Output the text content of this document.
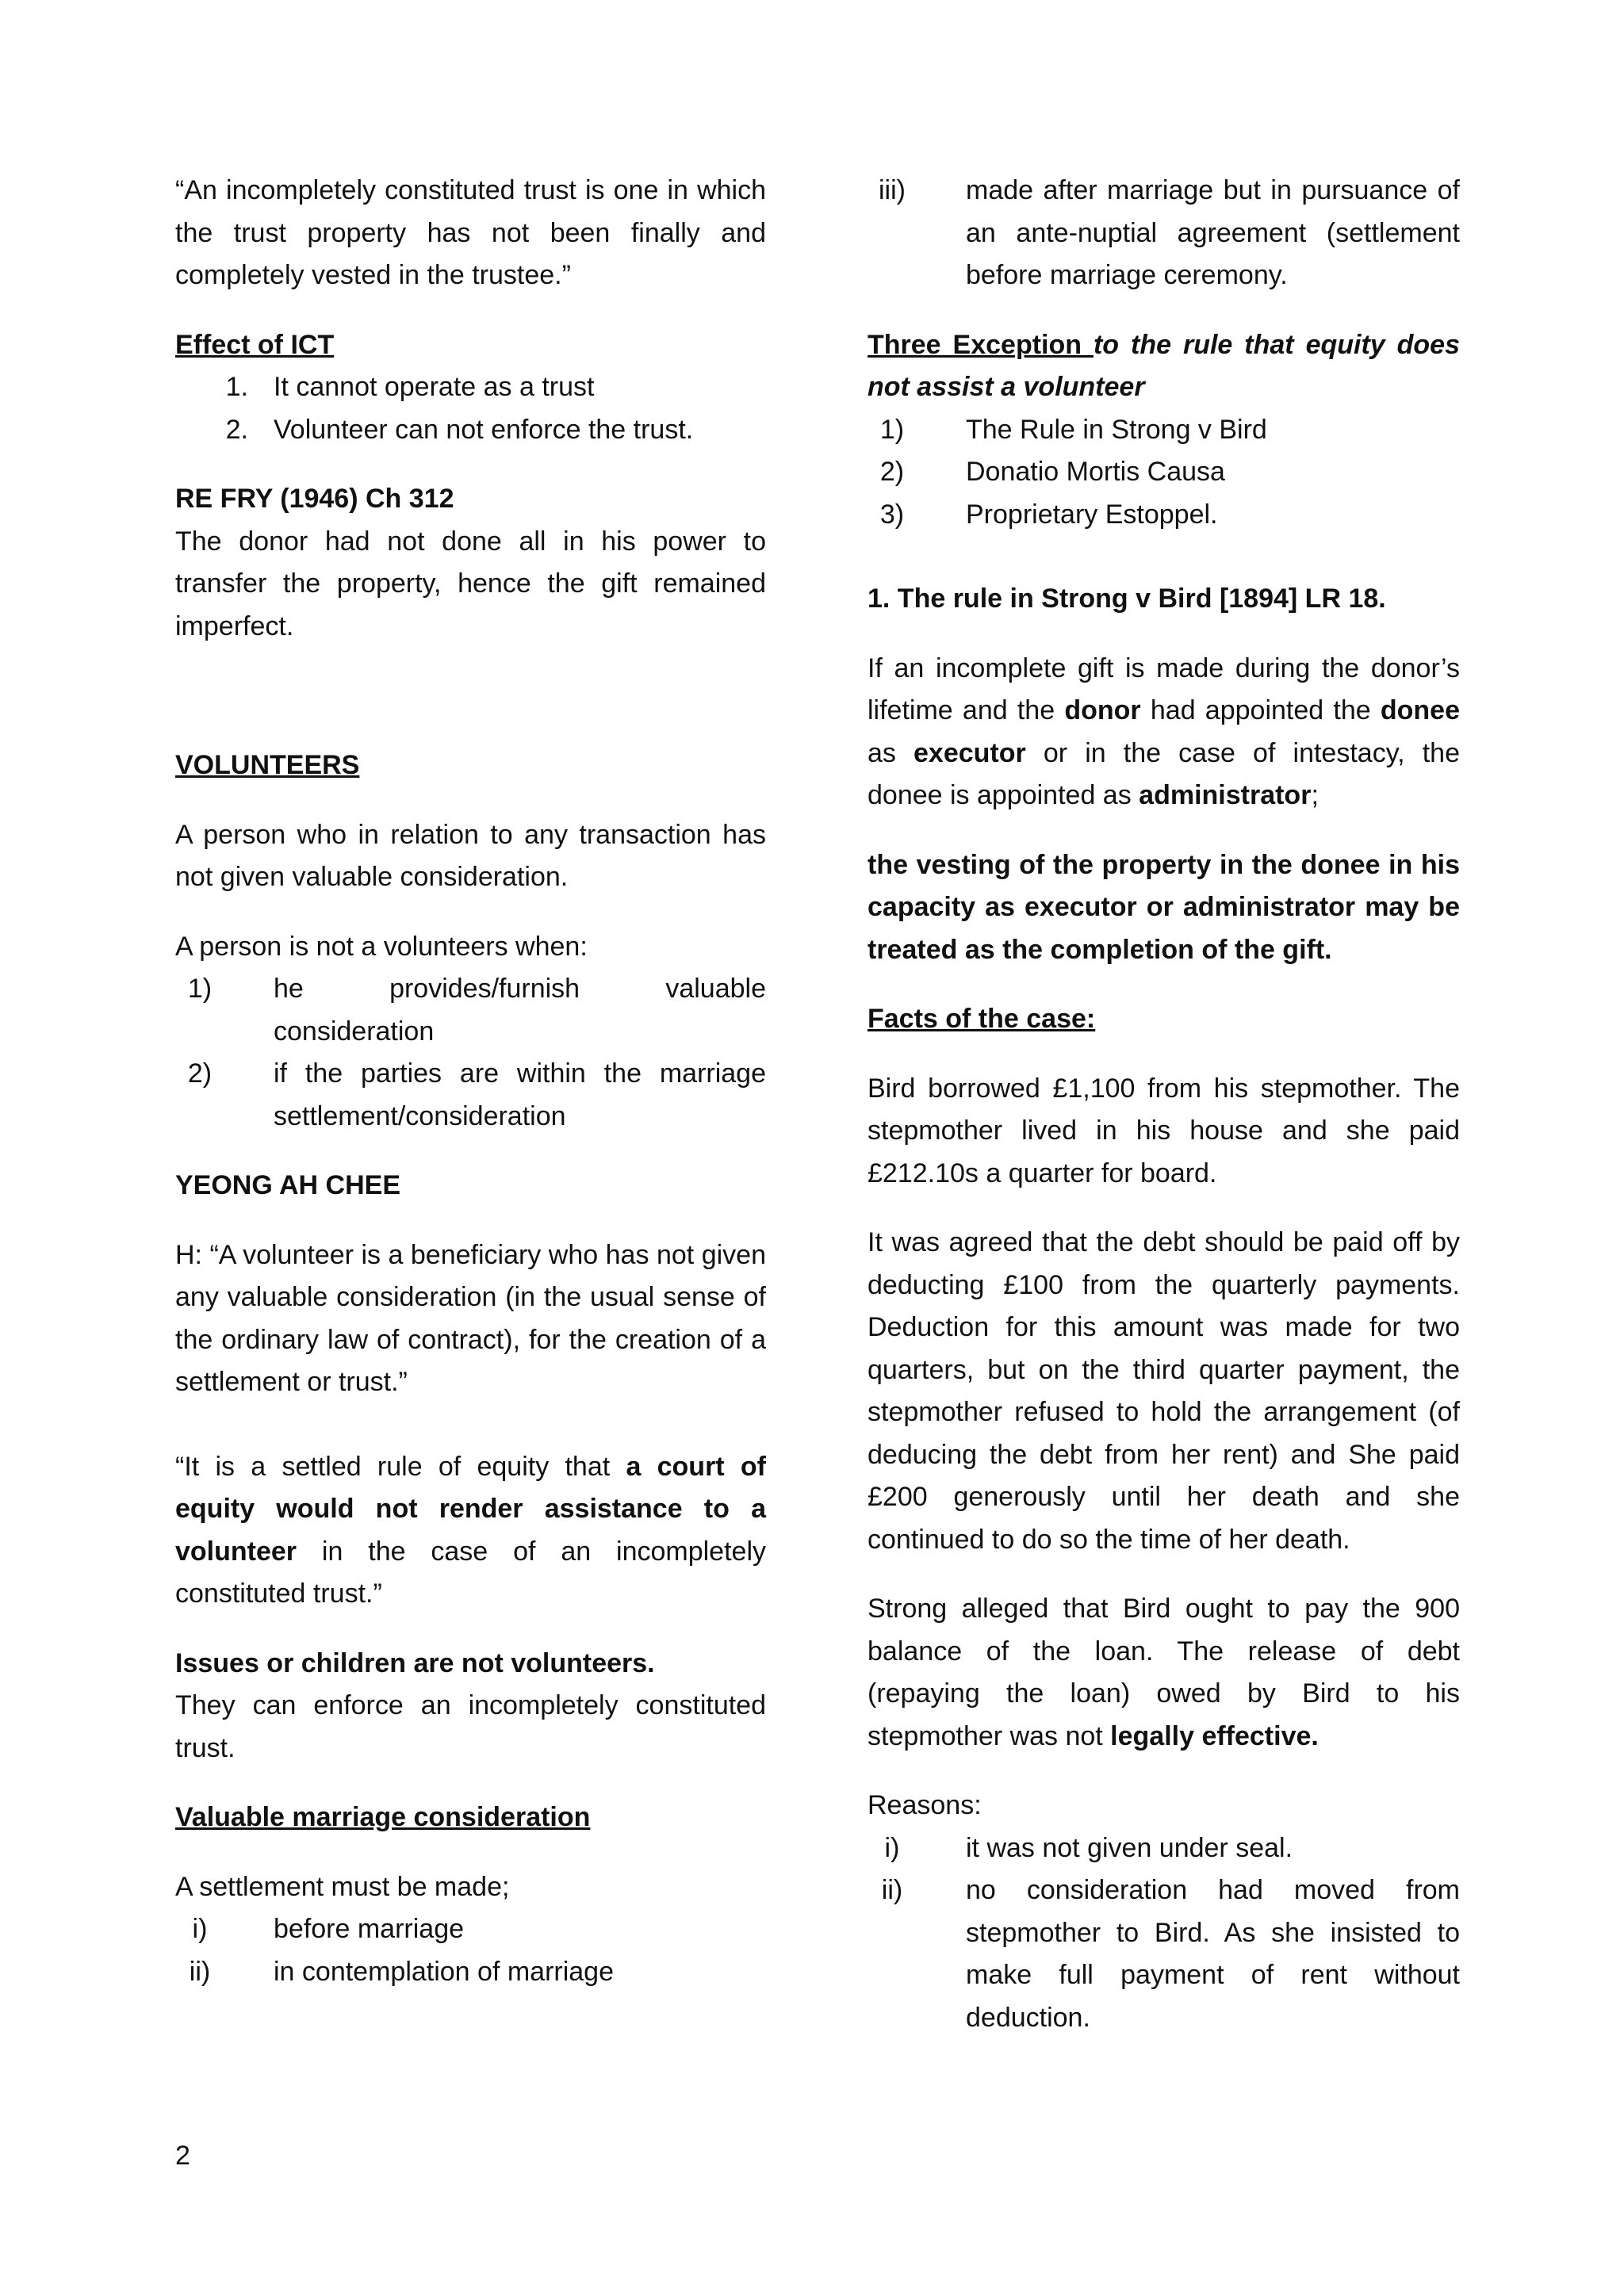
“An incompletely constituted trust is one in which the trust property has not been finally and completely vested in the trustee.”

Effect of ICT

1. It cannot operate as a trust
2. Volunteer can not enforce the trust.

RE FRY (1946) Ch 312

The donor had not done all in his power to transfer the property, hence the gift remained imperfect.

VOLUNTEERS

A person who in relation to any transaction has not given valuable consideration.

A person is not a volunteers when:

1)	he provides/furnish valuable consideration
2)	if the parties are within the marriage settlement/consideration

YEONG AH CHEE

H: “A volunteer is a beneficiary who has not given any valuable consideration (in the usual sense of the ordinary law of contract), for the creation of a settlement or trust.”

“It is a settled rule of equity that a court of equity would not render assistance to a volunteer in the case of an incompletely constituted trust.”

Issues or children are not volunteers.

They can enforce an incompletely constituted trust.

Valuable marriage consideration

A settlement must be made;

i)	before marriage
ii)	in contemplation of marriage
iii)	made after marriage but in pursuance of an ante-nuptial agreement (settlement before marriage ceremony.

Three Exception to the rule that equity does not assist a volunteer

1)	The Rule in Strong v Bird
2)	Donatio Mortis Causa
3)	Proprietary Estoppel.

1. The rule in Strong v Bird [1894] LR 18.

If an incomplete gift is made during the donor’s lifetime and the donor had appointed the donee as executor or in the case of intestacy, the donee is appointed as administrator;

the vesting of the property in the donee in his capacity as executor or administrator may be treated as the completion of the gift.

Facts of the case:

Bird borrowed £1,100 from his stepmother. The stepmother lived in his house and she paid £212.10s a quarter for board.

It was agreed that the debt should be paid off by deducting £100 from the quarterly payments. Deduction for this amount was made for two quarters, but on the third quarter payment, the stepmother refused to hold the arrangement (of deducing the debt from her rent) and She paid £200 generously until her death and she continued to do so the time of her death.

Strong alleged that Bird ought to pay the 900 balance of the loan. The release of debt (repaying the loan) owed by Bird to his stepmother was not legally effective.

Reasons:

i)	it was not given under seal.
ii)	no consideration had moved from stepmother to Bird. As she insisted to make full payment of rent without deduction.
2
